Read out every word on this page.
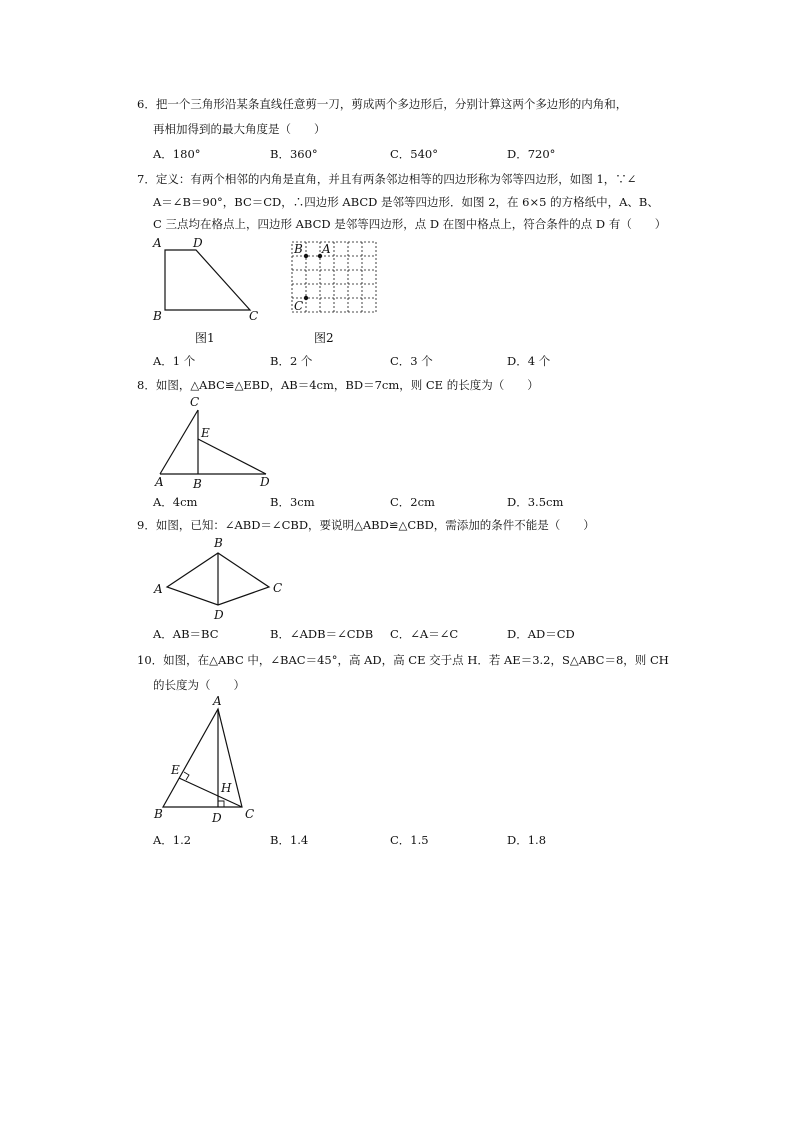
6．把一个三角形沿某条直线任意剪一刀，剪成两个多边形后，分别计算这两个多边形的内角和，
再相加得到的最大角度是（　　）
A．180°	B．360°	C．540°	D．720°
7．定义：有两个相邻的内角是直角，并且有两条邻边相等的四边形称为邻等四边形，如图 1，∵∠
A＝∠B＝90°，BC＝CD，∴四边形 ABCD 是邻等四边形．如图 2，在 6×5 的方格纸中，A、B、
C 三点均在格点上，四边形 ABCD 是邻等四边形，点 D 在图中格点上，符合条件的点 D 有（　　）
A	D
B	C
图1
B A
C
图2
A．1 个	B．2 个	C．3 个	D．4 个
8．如图，△ABC≌△EBD，AB＝4cm，BD＝7cm，则 CE 的长度为（　　）
C
E
A B	D
A．4cm	B．3cm	C．2cm	D．3.5cm
9．如图，已知：∠ABD＝∠CBD，要说明△ABD≌△CBD，需添加的条件不能是（　　）
B
A	C
D
A．AB＝BC	B．∠ADB＝∠CDB C．∠A＝∠C	D．AD＝CD
10．如图，在△ABC 中，∠BAC＝45°，高 AD，高 CE 交于点 H．若 AE＝3.2，S△ABC＝8，则 CH
的长度为（　　）
A
E
H
B	D C
A．1.2	B．1.4	C．1.5	D．1.8
